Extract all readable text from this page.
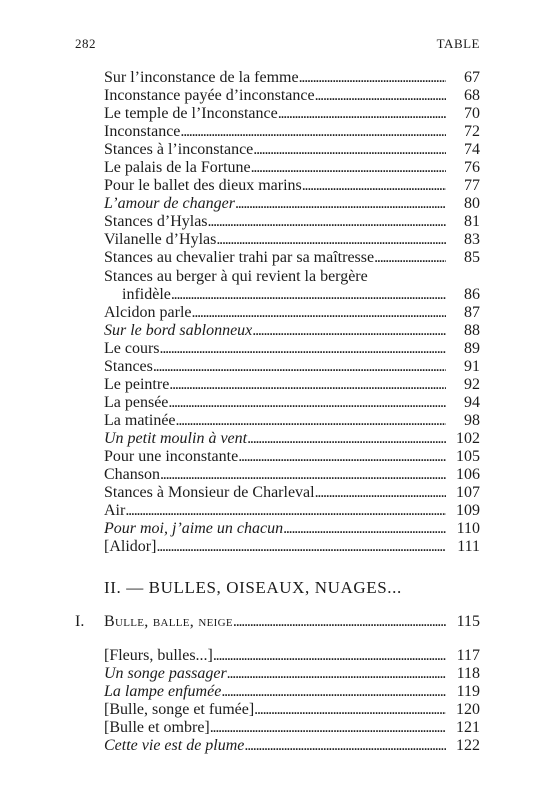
282	TABLE
Sur l’inconstance de la femme . . .	67
Inconstance payée d’inconstance . . .	68
Le temple de l’Inconstance . . .	70
Inconstance . . .	72
Stances à l’inconstance . . .	74
Le palais de la Fortune . . .	76
Pour le ballet des dieux marins . . .	77
L’amour de changer . . .	80
Stances d’Hylas . . .	81
Vilanelle d’Hylas . . .	83
Stances au chevalier trahi par sa maîtresse . . .	85
Stances au berger à qui revient la bergère
infidèle . . .	86
Alcidon parle . . .	87
Sur le bord sablonneux . . .	88
Le cours . . .	89
Stances . . .	91
Le peintre . . .	92
La pensée . . .	94
La matinée . . .	98
Un petit moulin à vent . . .	102
Pour une inconstante . . .	105
Chanson . . .	106
Stances à Monsieur de Charleval . . .	107
Air . . .	109
Pour moi, j’aime un chacun . . .	110
[Alidor] . . .	111
II. — BULLES, OISEAUX, NUAGES...
I. Bulle, balle, neige . . .	115
[Fleurs, bulles...] . . .	117
Un songe passager . . .	118
La lampe enfumée . . .	119
[Bulle, songe et fumée] . . .	120
[Bulle et ombre] . . .	121
Cette vie est de plume . . .	122
